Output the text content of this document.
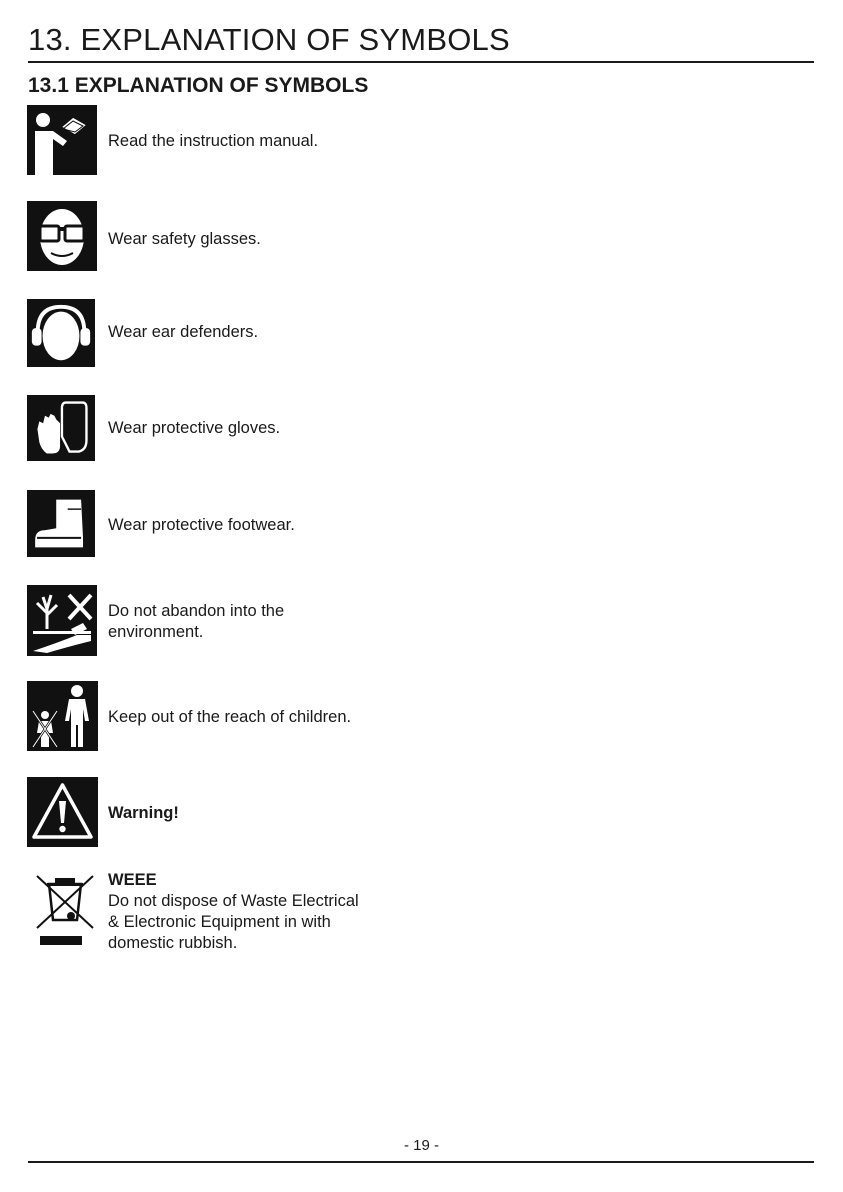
13. EXPLANATION OF SYMBOLS
13.1 EXPLANATION OF SYMBOLS
Read the instruction manual.
Wear safety glasses.
Wear ear defenders.
Wear protective gloves.
Wear protective footwear.
Do not abandon into the
environment.
Keep out of the reach of children.
Warning!
WEEE
Do not dispose of Waste Electrical
& Electronic Equipment in with
domestic rubbish.
- 19 -
